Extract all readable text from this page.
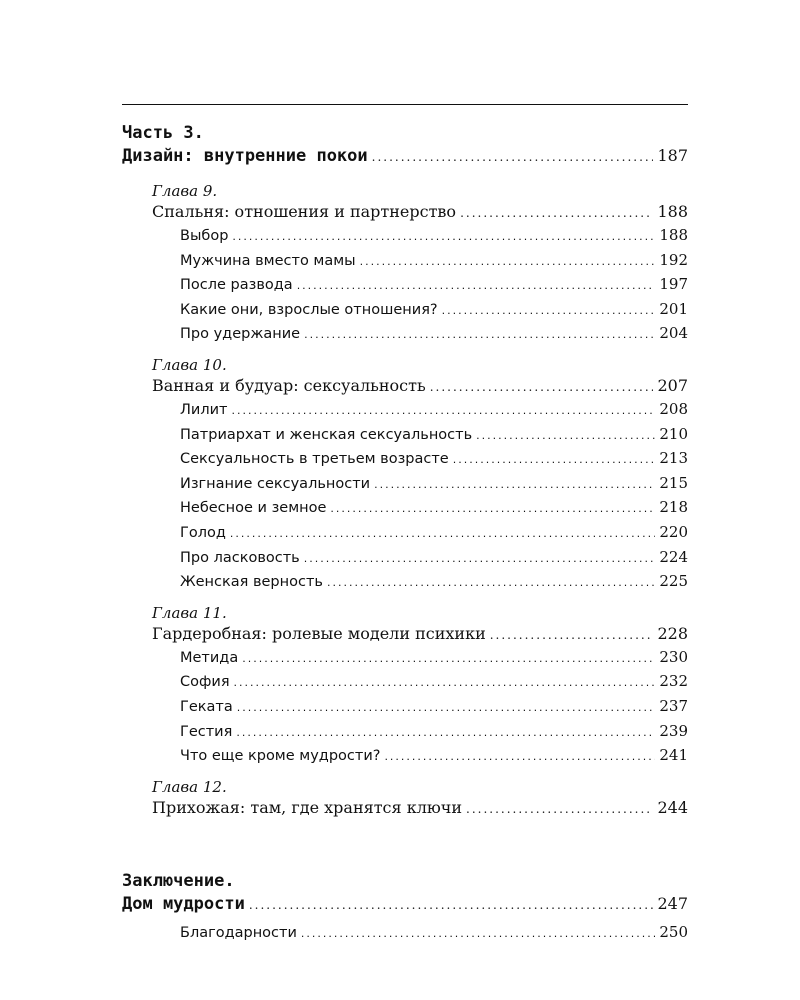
Часть 3.
Дизайн: внутренние покои .....	187
Глава 9.
Спальня: отношения и партнерство .....	188
Выбор .....	188
Мужчина вместо мамы .....	192
После развода .....	197
Какие они, взрослые отношения? .....	201
Про удержание .....	204
Глава 10.
Ванная и будуар: сексуальность .....	207
Лилит .....	208
Патриархат и женская сексуальность .....	210
Сексуальность в третьем возрасте .....	213
Изгнание сексуальности .....	215
Небесное и земное .....	218
Голод .....	220
Про ласковость .....	224
Женская верность .....	225
Глава 11.
Гардеробная: ролевые модели психики .....	228
Метида .....	230
София .....	232
Геката .....	237
Гестия .....	239
Что еще кроме мудрости? .....	241
Глава 12.
Прихожая: там, где хранятся ключи .....	244
Заключение.
Дом мудрости .....	247
Благодарности .....	250
